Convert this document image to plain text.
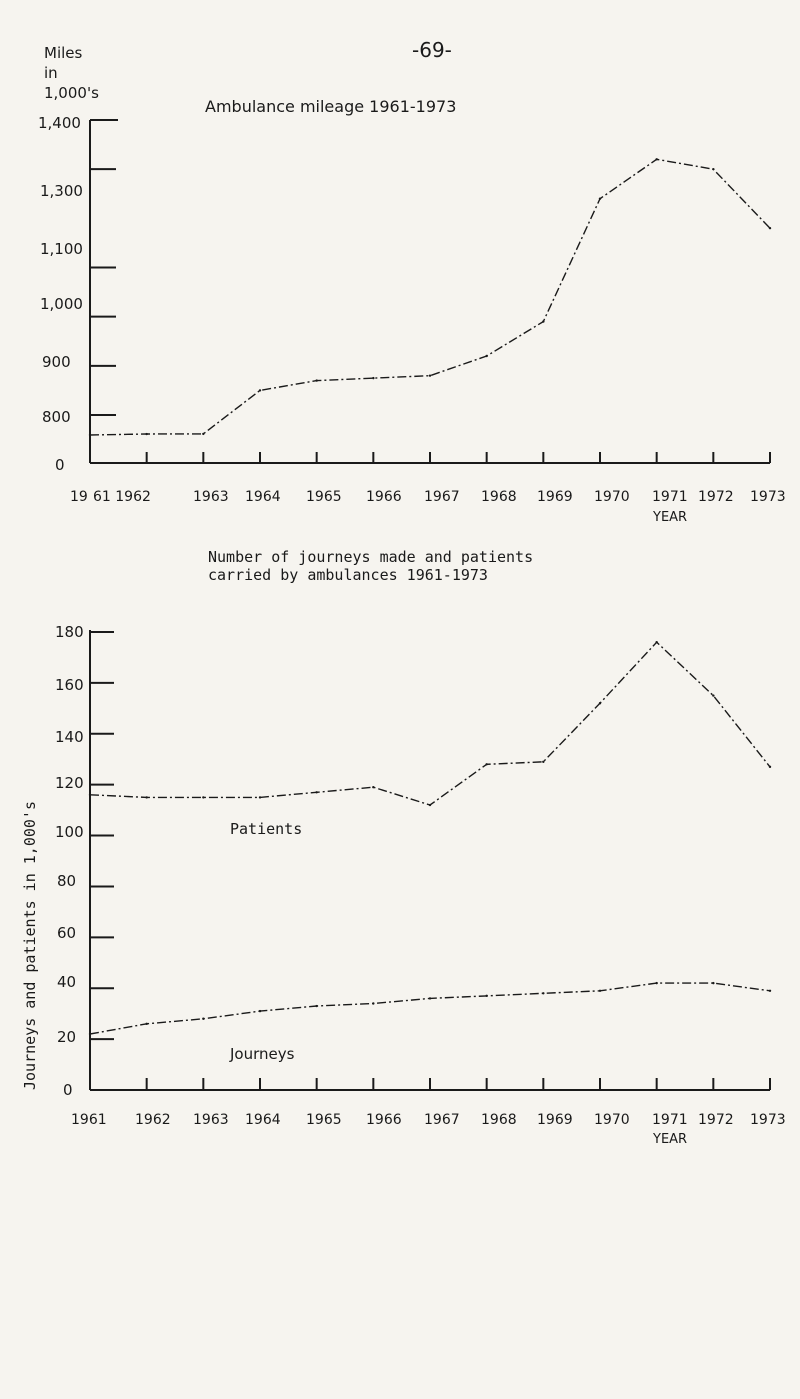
-69-
Miles
in
1,000's
Ambulance mileage 1961-1973
1,400
1,300
1,100
1,000
900
800
0
19 61 1962	1963 1964 1965 1966 1967 1968 1969 1970 1971 1972 1973
YEAR
Number of journeys made and patients carried by ambulances 1961-1973
Journeys and patients in 1,000's
180
160
140
120
100
80
60
40
20
0
1961 1962 1963 1964 1965 1966 1967 1968 1969 1970 1971 1972 1973
YEAR
Patients
Journeys
